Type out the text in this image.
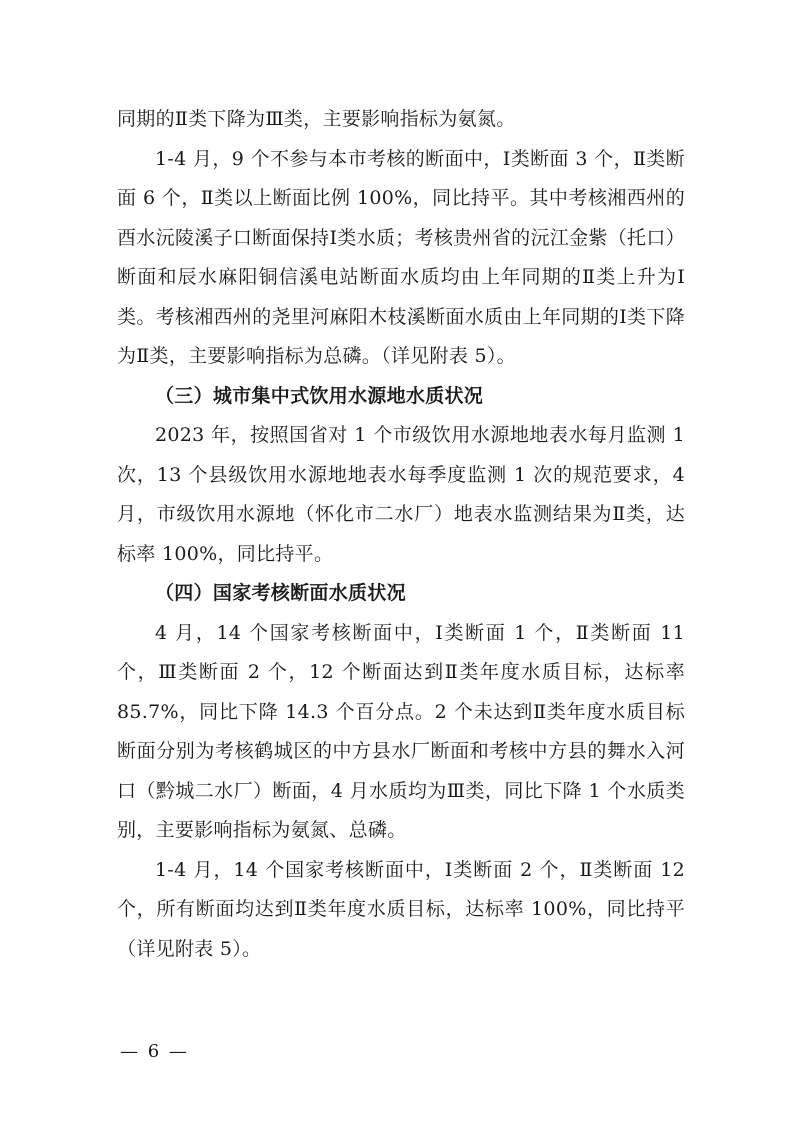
同期的Ⅱ类下降为Ⅲ类，主要影响指标为氨氮。

1-4 月，9 个不参与本市考核的断面中，Ⅰ类断面 3 个，Ⅱ类断面 6 个，Ⅱ类以上断面比例 100%，同比持平。其中考核湘西州的酉水沅陵溪子口断面保持Ⅰ类水质；考核贵州省的沅江金紫（托口）断面和辰水麻阳铜信溪电站断面水质均由上年同期的Ⅱ类上升为Ⅰ类。考核湘西州的尧里河麻阳木枝溪断面水质由上年同期的Ⅰ类下降为Ⅱ类，主要影响指标为总磷。（详见附表 5）。

（三）城市集中式饮用水源地水质状况

2023 年，按照国省对 1 个市级饮用水源地地表水每月监测 1 次，13 个县级饮用水源地地表水每季度监测 1 次的规范要求，4 月，市级饮用水源地（怀化市二水厂）地表水监测结果为Ⅱ类，达标率 100%，同比持平。

（四）国家考核断面水质状况

4 月，14 个国家考核断面中，Ⅰ类断面 1 个，Ⅱ类断面 11 个，Ⅲ类断面 2 个，12 个断面达到Ⅱ类年度水质目标，达标率 85.7%，同比下降 14.3 个百分点。2 个未达到Ⅱ类年度水质目标断面分别为考核鹤城区的中方县水厂断面和考核中方县的舞水入河口（黔城二水厂）断面，4 月水质均为Ⅲ类，同比下降 1 个水质类别，主要影响指标为氨氮、总磷。

1-4 月，14 个国家考核断面中，Ⅰ类断面 2 个，Ⅱ类断面 12 个，所有断面均达到Ⅱ类年度水质目标，达标率 100%，同比持平（详见附表 5）。

— 6 —
